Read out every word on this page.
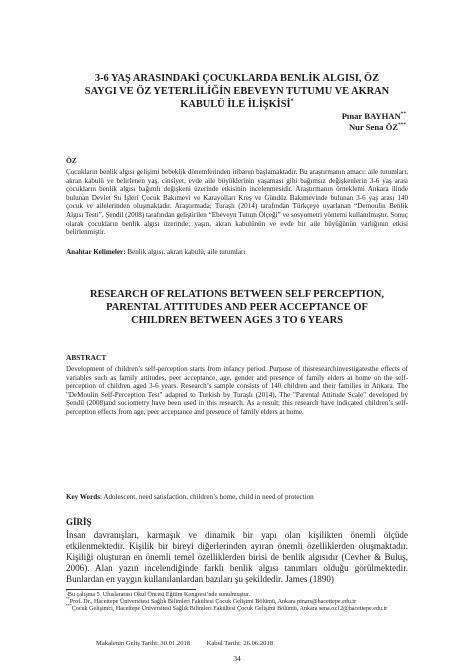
3-6 YAŞ ARASINDAKİ ÇOCUKLARDA BENLİK ALGISI, ÖZ
SAYGI VE ÖZ YETERLİLİĞİN EBEVEYN TUTUMU VE AKRAN
KABULÜ İLE İLİŞKİSİ*
Pınar BAYHAN**
Nur Sena ÖZ***
ÖZ
Çocukların benlik algısı gelişimi bebeklik dönemlerinden itibaren başlamaktadır. Bu araştırmanın amacı: aile tutumları, akran kabulü ve belirlenen yaş, cinsiyet, evde aile büyüklerinin yaşaması gibi bağımsız değişkenlerin 3-6 yaş arası çocukların benlik algısı bağımlı değişkeni üzerinde etkisinin incelenmesidir. Araştırmanın örneklemi Ankara ilinde bulunan Devlet Su İşleri Çocuk Bakımevi ve Karayolları Kreş ve Gündüz Bakımevinde bulunan 3-6 yaş arası 140 çocuk ve ailelerinden oluşmaktadır. Araştırmada; Turaşlı (2014) tarafından Türkçeye uyarlanan “Demoulin Benlik Algısı Testi”, Şendil (2008) tarafından geliştirilen “Ebeveyn Tutum Ölçeği” ve sosyometri yöntemi kullanılmıştır. Sonuç olarak çocukların benlik algısı üzerinde; yaşın, akran kabulünün ve evde bir aile büyüğünün varlığının etkisi belirlenmiştir.
Anahtar Kelimeler: Benlik algısı, akran kabulü, aile tutumları
RESEARCH OF RELATIONS BETWEEN SELF PERCEPTION,
PARENTAL ATTITUDES AND PEER ACCEPTANCE OF
CHILDREN BETWEEN AGES 3 TO 6 YEARS
ABSTRACT
Development of children’s self-perception starts from infancy period. Purpose of thisresearchinvestigatesthe effects of variables such as family attitudes, peer acceptance, age, gender and presence of family elders at home on the self-perception of children aged 3-6 years. Research’s sample consists of 140 children and their families in Ankara. The "DeMoulin Self-Perception Test" adapted to Turkish by Turaşlı (2014), The "Parental Attitude Scale" developed by Şendil (2008)and sociometry have been used in this research. As a result; this research have indicated children’s self-perception effects from age, peer acceptance and presence of family elders at home.
Key Words: Adolescent, need satisfaction, children’s home, child in need of protection
GİRİŞ
İnsan davranışları, karmaşık ve dinamik bir yapı olan kişilikten önemli ölçüde etkilenmektedir. Kişilik bir bireyi diğerlerinden ayıran önemli özelliklerden oluşmaktadır. Kişiliği oluşturan en önemli temel özelliklerden birisi de benlik algısıdır (Cevher & Buluş, 2006). Alan yazın incelendiğinde farklı benlik algısı tanımları olduğu görülmektedir. Bunlardan en yaygın kullanılanlardan bazıları şu şekildedir. James (1890)
*Bu çalışma 5. Uluslararası Okul Öncesi Eğitim Kongresi’nde sunulmuştur.
**Prof. Dr., Hacettepe Üniversitesi Sağlık Bilimleri Fakültesi Çocuk Gelişimi Bölümü, Ankara pinars@hacettepe.edu.tr
***Çocuk Gelişimci, Hacettepe Üniversitesi Sağlık Bilimleri Fakültesi Çocuk Gelişimi Bölümü, Ankara sena.oz12@hacettepe.edu.tr
Makalenin Geliş Tarihi: 30.01.2018 Kabul Tarihi: 26.06.2018
34
